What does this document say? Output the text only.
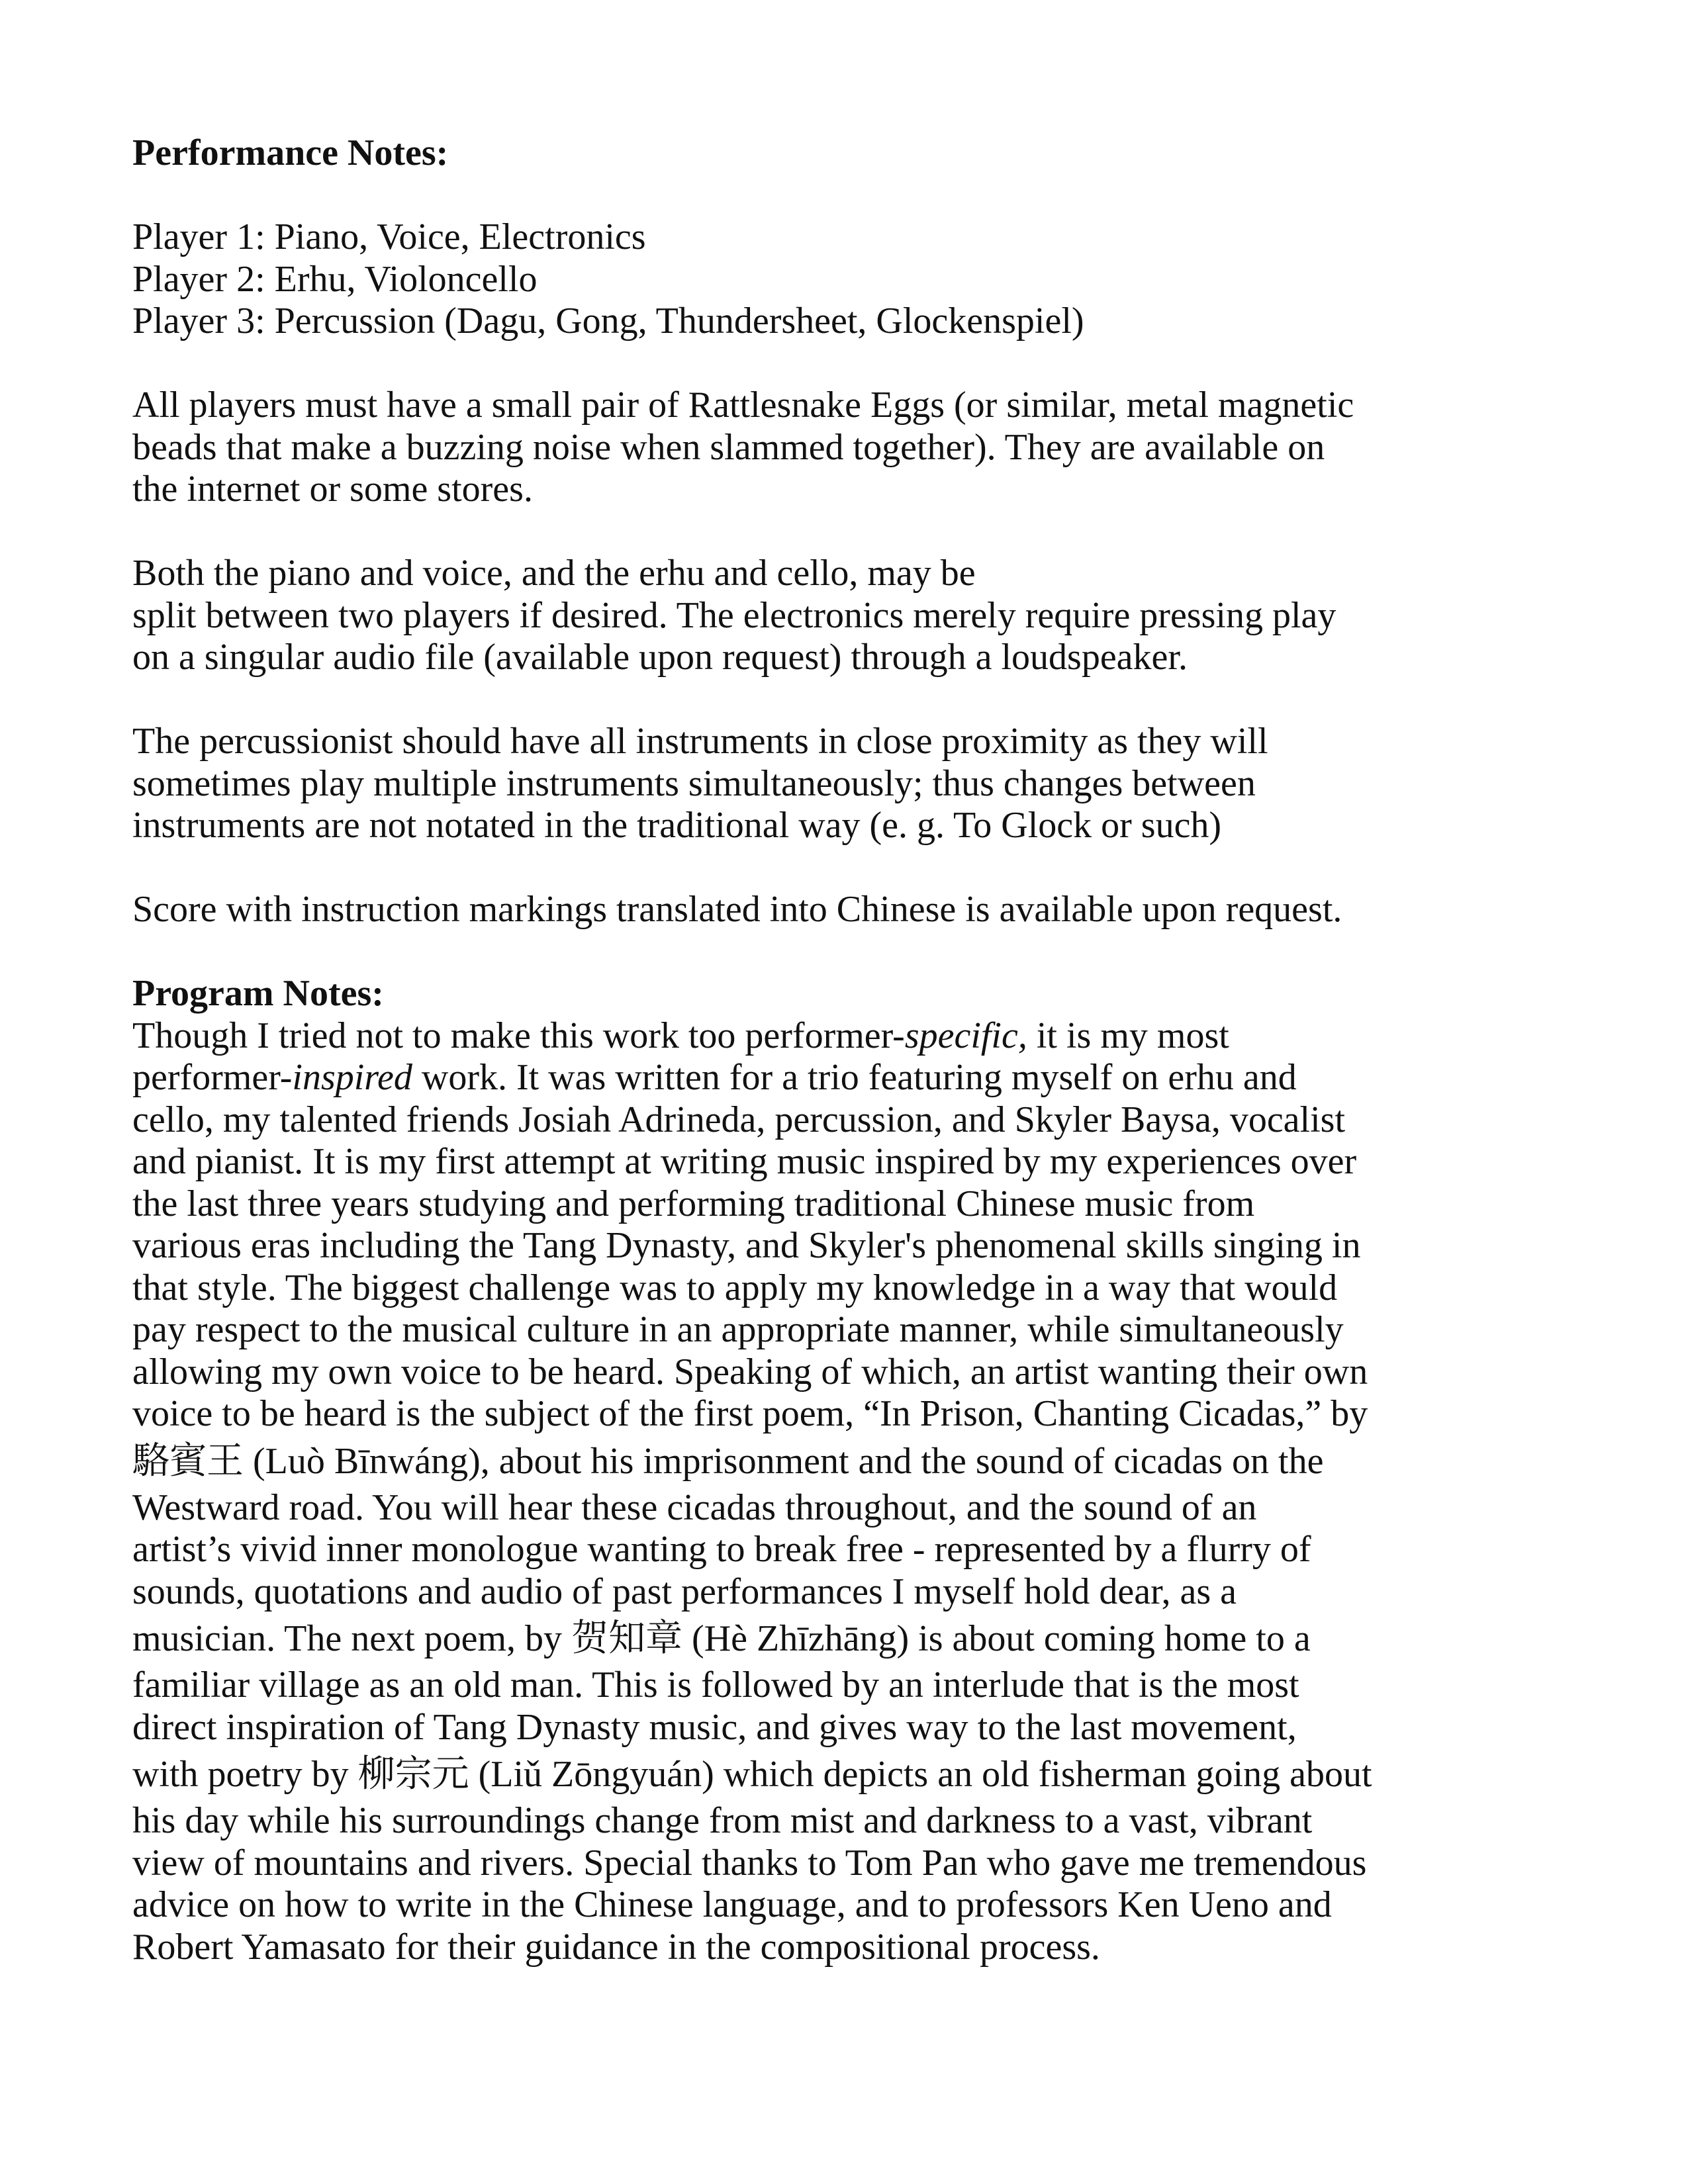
Performance Notes:

Player 1: Piano, Voice, Electronics

Player 2: Erhu, Violoncello

Player 3: Percussion (Dagu, Gong, Thundersheet, Glockenspiel)

All players must have a small pair of Rattlesnake Eggs (or similar, metal magnetic

beads that make a buzzing noise when slammed together). They are available on

the internet or some stores.

Both the piano and voice, and the erhu and cello, may be

split between two players if desired. The electronics merely require pressing play

on a singular audio file (available upon request) through a loudspeaker.

The percussionist should have all instruments in close proximity as they will

sometimes play multiple instruments simultaneously; thus changes between

instruments are not notated in the traditional way (e. g. To Glock or such)

Score with instruction markings translated into Chinese is available upon request.

Program Notes:

Though I tried not to make this work too performer-specific, it is my most

performer-inspired work. It was written for a trio featuring myself on erhu and

cello, my talented friends Josiah Adrineda, percussion, and Skyler Baysa, vocalist

and pianist. It is my first attempt at writing music inspired by my experiences over

the last three years studying and performing traditional Chinese music from

various eras including the Tang Dynasty, and Skyler's phenomenal skills singing in

that style. The biggest challenge was to apply my knowledge in a way that would

pay respect to the musical culture in an appropriate manner, while simultaneously

allowing my own voice to be heard. Speaking of which, an artist wanting their own

voice to be heard is the subject of the first poem, “In Prison, Chanting Cicadas,” by

駱賓王 (Luò Bīnwáng), about his imprisonment and the sound of cicadas on the

Westward road. You will hear these cicadas throughout, and the sound of an

artist’s vivid inner monologue wanting to break free - represented by a flurry of

sounds, quotations and audio of past performances I myself hold dear, as a

musician. The next poem, by 贺知章 (Hè Zhīzhāng) is about coming home to a

familiar village as an old man. This is followed by an interlude that is the most

direct inspiration of Tang Dynasty music, and gives way to the last movement,

with poetry by 柳宗元 (Liǔ Zōngyuán) which depicts an old fisherman going about

his day while his surroundings change from mist and darkness to a vast, vibrant

view of mountains and rivers. Special thanks to Tom Pan who gave me tremendous

advice on how to write in the Chinese language, and to professors Ken Ueno and

Robert Yamasato for their guidance in the compositional process.
